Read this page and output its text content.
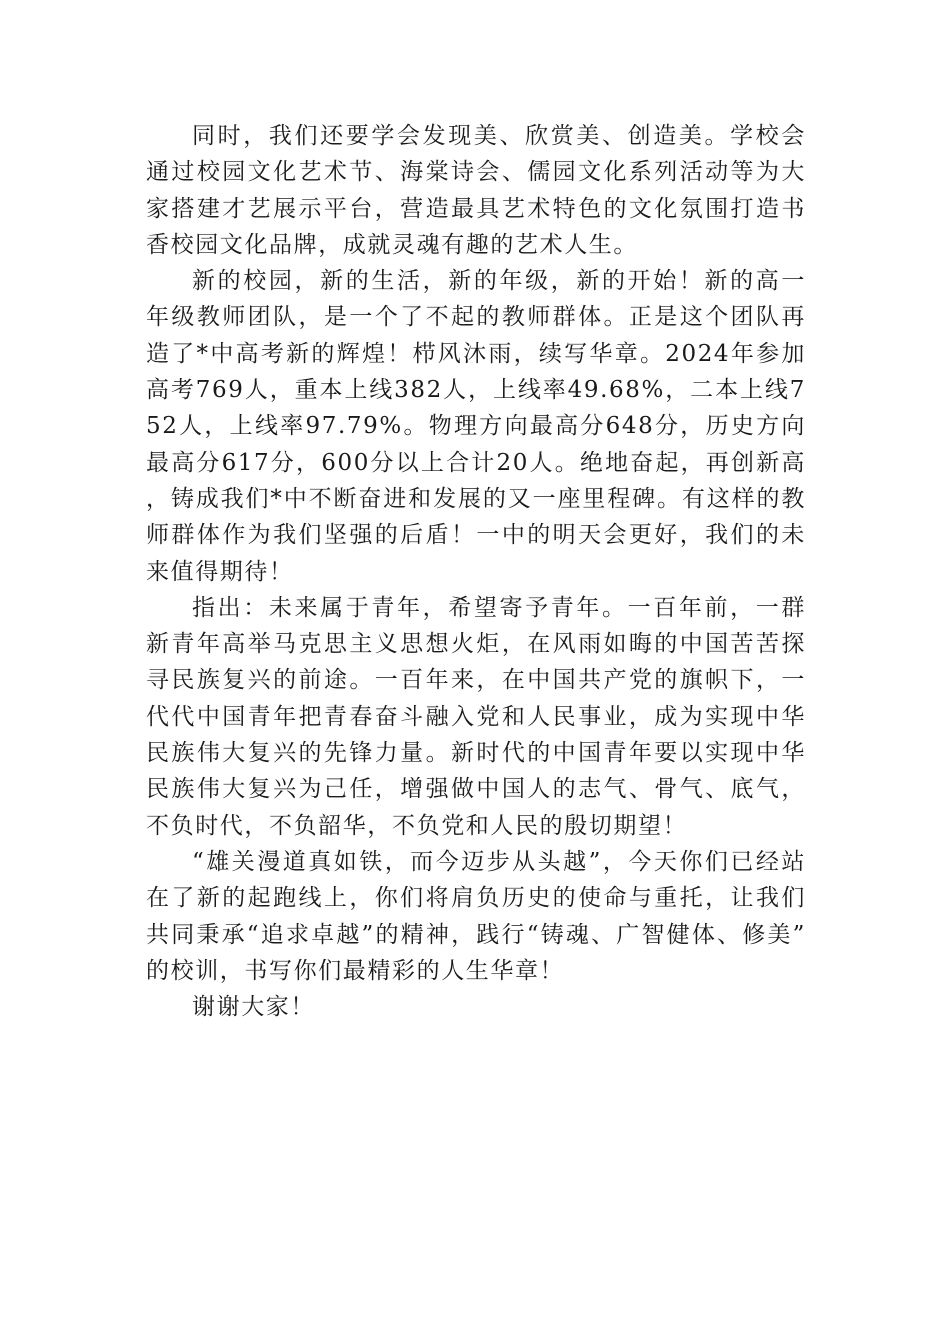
同时，我们还要学会发现美、欣赏美、创造美。学校会通过校园文化艺术节、海棠诗会、儒园文化系列活动等为大家搭建才艺展示平台，营造最具艺术特色的文化氛围打造书香校园文化品牌，成就灵魂有趣的艺术人生。

新的校园，新的生活，新的年级，新的开始！新的高一年级教师团队，是一个了不起的教师群体。正是这个团队再造了*中高考新的辉煌！栉风沐雨，续写华章。2024年参加高考769人，重本上线382人，上线率49.68%，二本上线752人，上线率97.79%。物理方向最高分648分，历史方向最高分617分，600分以上合计20人。绝地奋起，再创新高，铸成我们*中不断奋进和发展的又一座里程碑。有这样的教师群体作为我们坚强的后盾！一中的明天会更好，我们的未来值得期待！

指出：未来属于青年，希望寄予青年。一百年前，一群新青年高举马克思主义思想火炬，在风雨如晦的中国苦苦探寻民族复兴的前途。一百年来，在中国共产党的旗帜下，一代代中国青年把青春奋斗融入党和人民事业，成为实现中华民族伟大复兴的先锋力量。新时代的中国青年要以实现中华民族伟大复兴为己任，增强做中国人的志气、骨气、底气，不负时代，不负韶华，不负党和人民的殷切期望！

“雄关漫道真如铁，而今迈步从头越”，今天你们已经站在了新的起跑线上，你们将肩负历史的使命与重托，让我们共同秉承“追求卓越”的精神，践行“铸魂、广智健体、修美”的校训，书写你们最精彩的人生华章！

谢谢大家！
